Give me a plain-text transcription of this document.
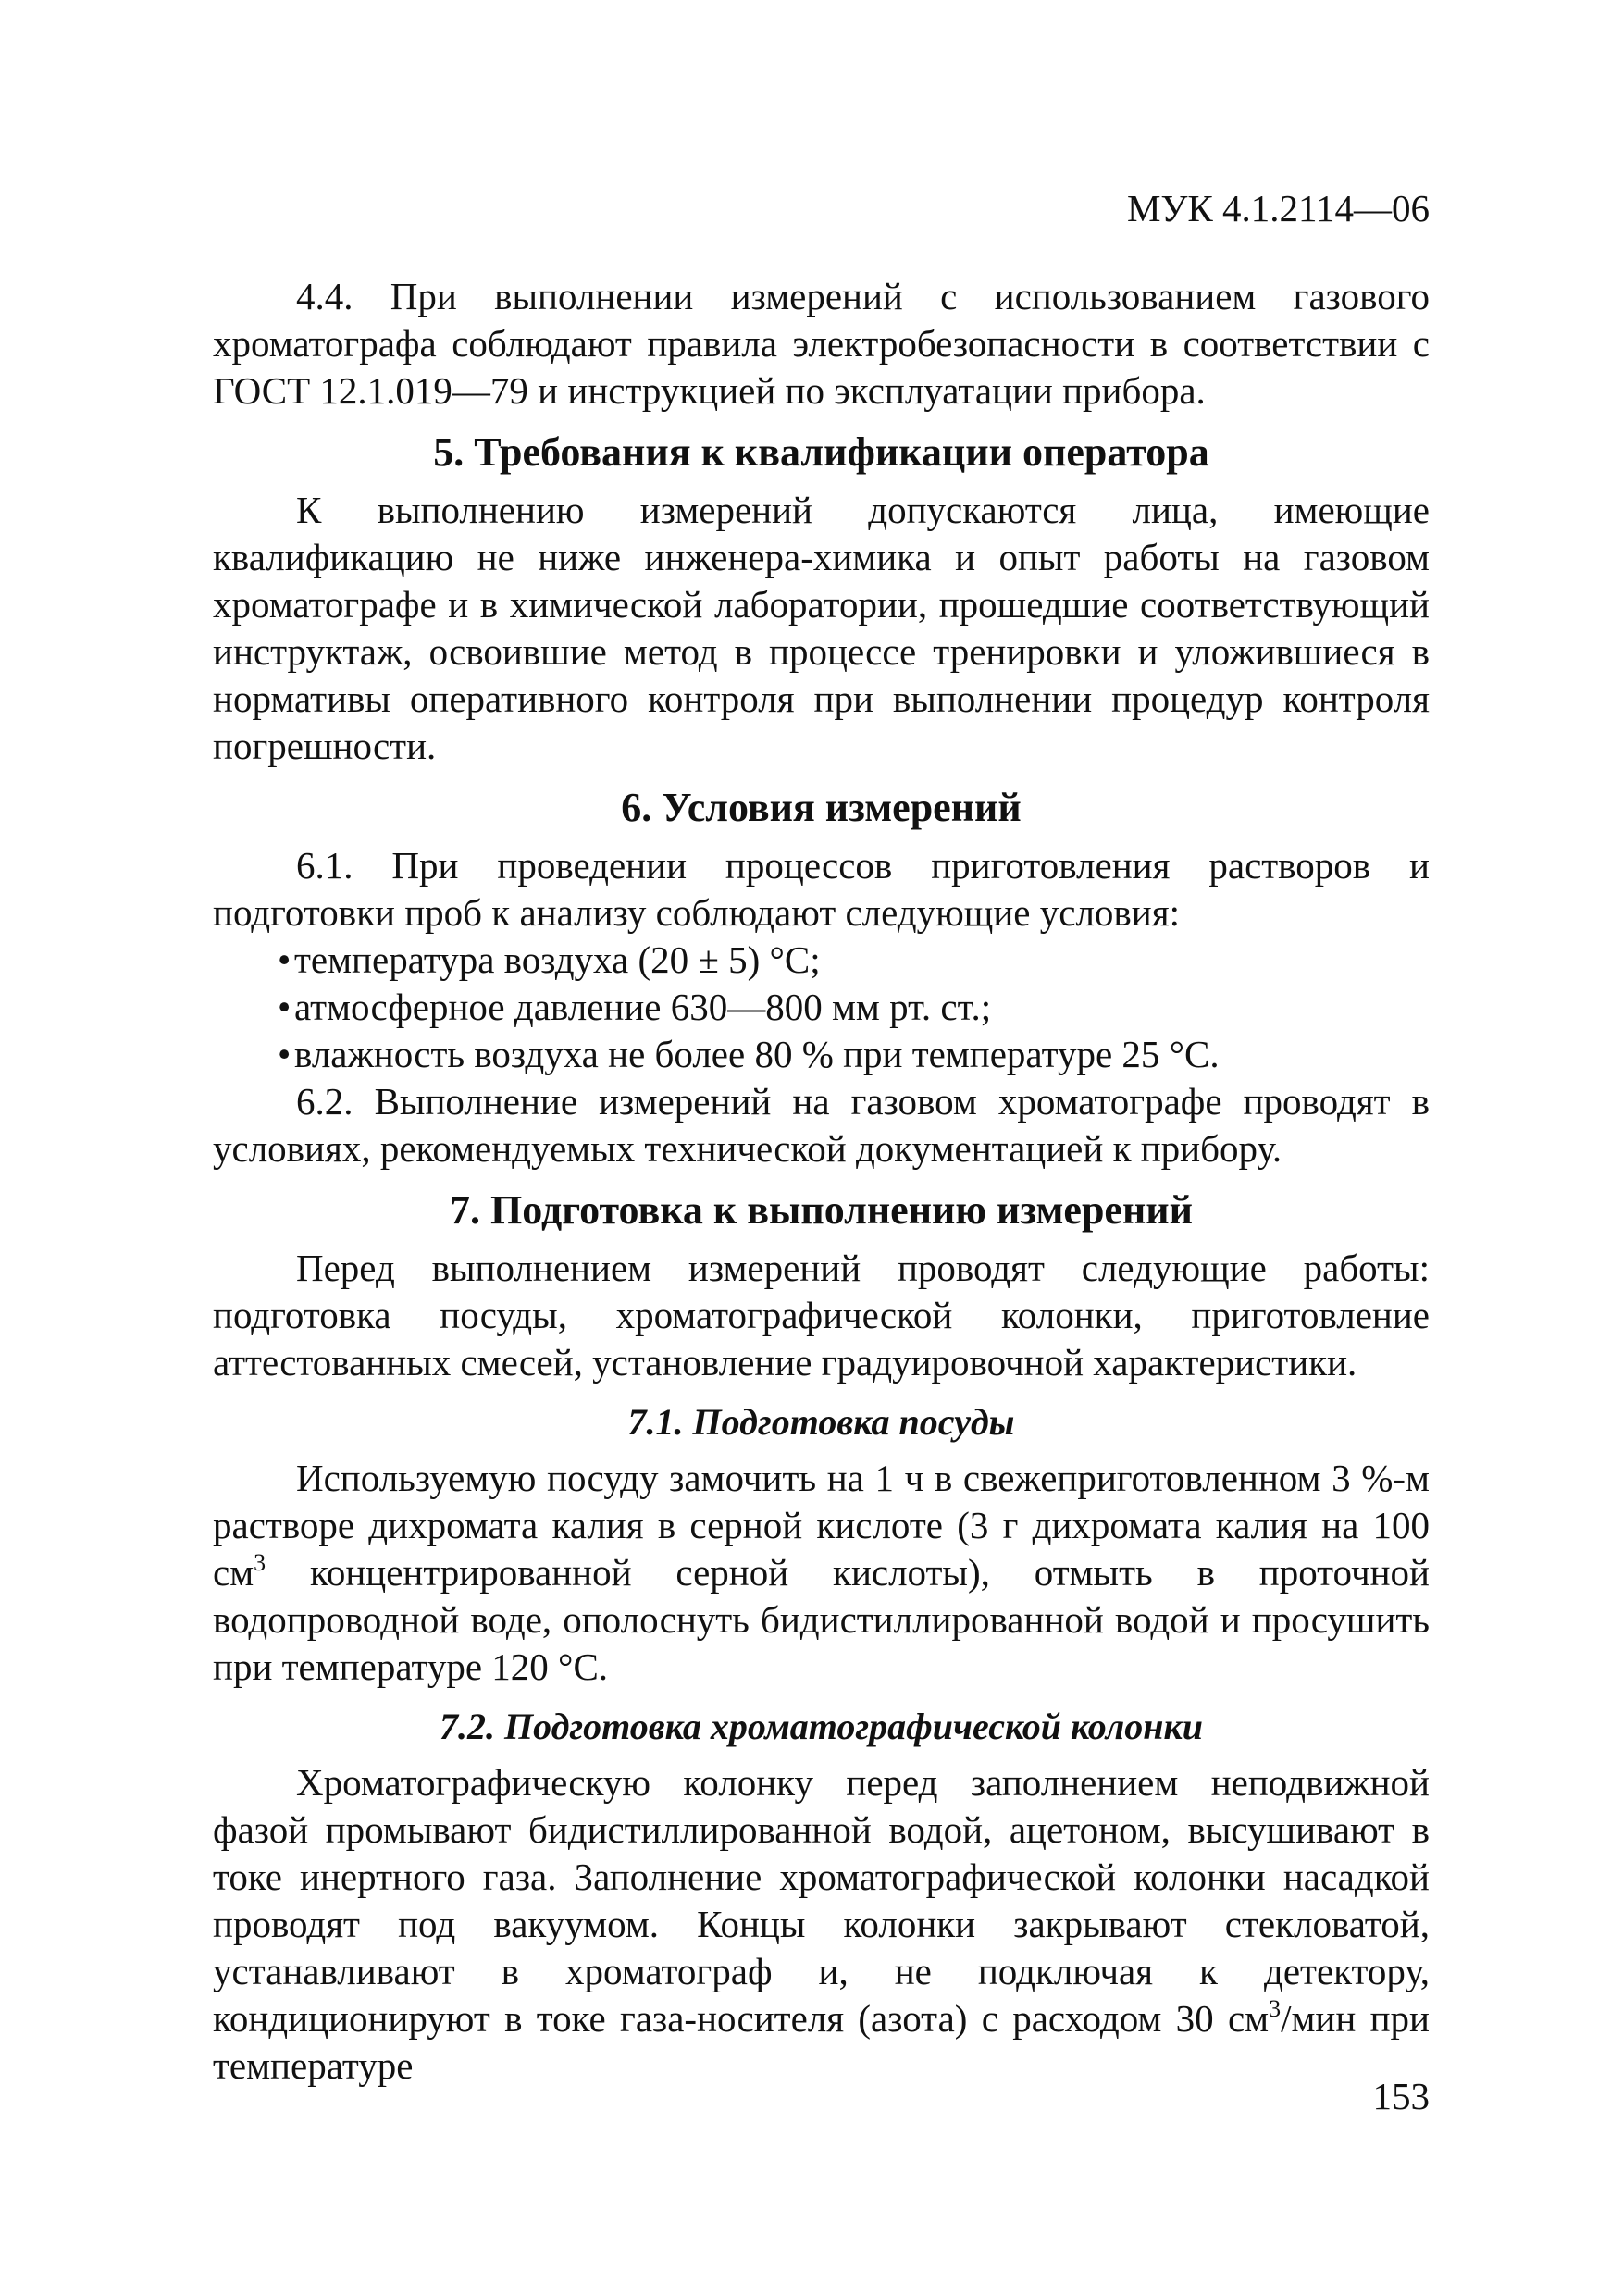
МУК 4.1.2114—06

4.4. При выполнении измерений с использованием газового хроматографа соблюдают правила электробезопасности в соответствии с ГОСТ 12.1.019—79 и инструкцией по эксплуатации прибора.

5. Требования к квалификации оператора

К выполнению измерений допускаются лица, имеющие квалификацию не ниже инженера-химика и опыт работы на газовом хроматографе и в химической лаборатории, прошедшие соответствующий инструктаж, освоившие метод в процессе тренировки и уложившиеся в нормативы оперативного контроля при выполнении процедур контроля погрешности.

6. Условия измерений

6.1. При проведении процессов приготовления растворов и подготовки проб к анализу соблюдают следующие условия:

• температура воздуха (20 ± 5) °С;
• атмосферное давление 630—800 мм рт. ст.;
• влажность воздуха не более 80 % при температуре 25 °С.

6.2. Выполнение измерений на газовом хроматографе проводят в условиях, рекомендуемых технической документацией к прибору.

7. Подготовка к выполнению измерений

Перед выполнением измерений проводят следующие работы: подготовка посуды, хроматографической колонки, приготовление аттестованных смесей, установление градуировочной характеристики.

7.1. Подготовка посуды

Используемую посуду замочить на 1 ч в свежеприготовленном 3 %-м растворе дихромата калия в серной кислоте (3 г дихромата калия на 100 $см^3$ концентрированной серной кислоты), отмыть в проточной водопроводной воде, ополоснуть бидистиллированной водой и просушить при температуре 120 °С.

7.2. Подготовка хроматографической колонки

Хроматографическую колонку перед заполнением неподвижной фазой промывают бидистиллированной водой, ацетоном, высушивают в токе инертного газа. Заполнение хроматографической колонки насадкой проводят под вакуумом. Концы колонки закрывают стекловатой, устанавливают в хроматограф и, не подключая к детектору, кондиционируют в токе газа-носителя (азота) с расходом 30 $см^3$/мин при температуре

153
